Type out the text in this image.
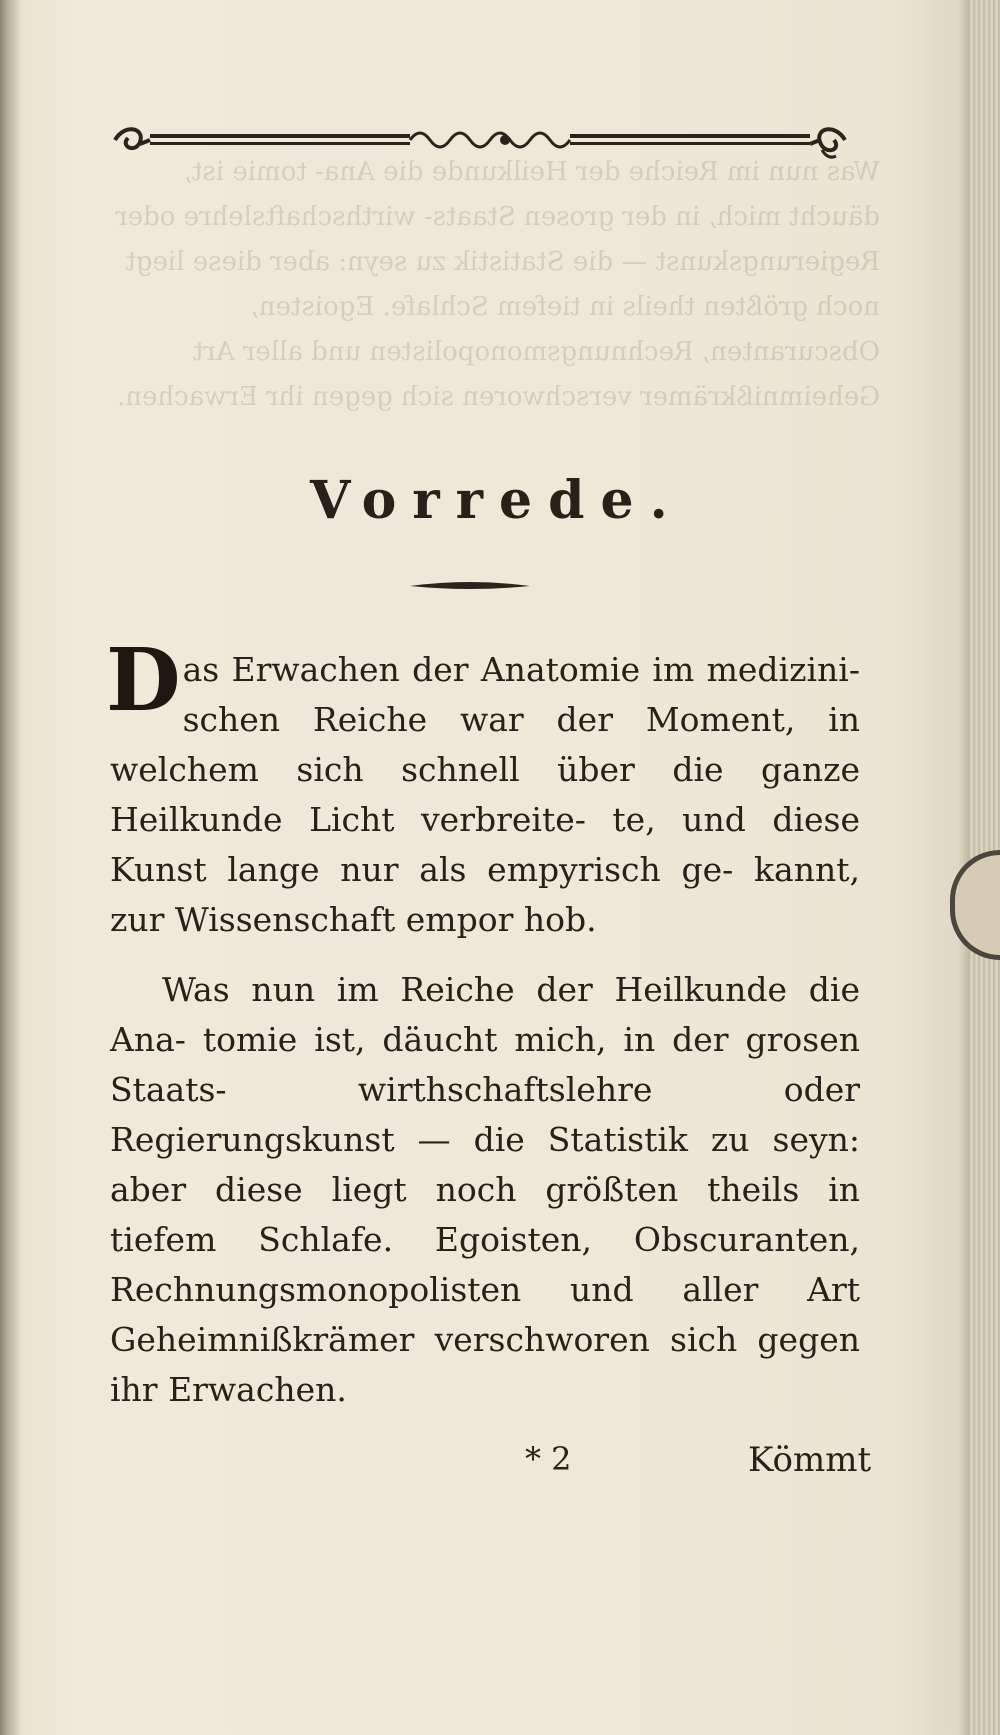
Was nun im Reiche der Heilkunde die Ana- tomie ist, däucht mich, in der grosen Staats- wirthschaftslehre oder Regierungskunst — die Statistik zu seyn: aber diese liegt noch größten theils in tiefem Schlafe. Egoisten, Obscuranten, Rechnungsmonopolisten und aller Art Geheimnißkrämer verschworen sich gegen ihr Erwachen.
Vorrede.
Das Erwachen der Anatomie im medizini- schen Reiche war der Moment, in welchem sich schnell über die ganze Heilkunde Licht verbreite- te, und diese Kunst lange nur als empyrisch ge- kannt, zur Wissenschaft empor hob.
Was nun im Reiche der Heilkunde die Ana- tomie ist, däucht mich, in der grosen Staats- wirthschaftslehre oder Regierungskunst — die Statistik zu seyn: aber diese liegt noch größten theils in tiefem Schlafe. Egoisten, Obscuranten, Rechnungsmonopolisten und aller Art Geheimnißkrämer verschworen sich gegen ihr Erwachen.
* 2	Kömmt
